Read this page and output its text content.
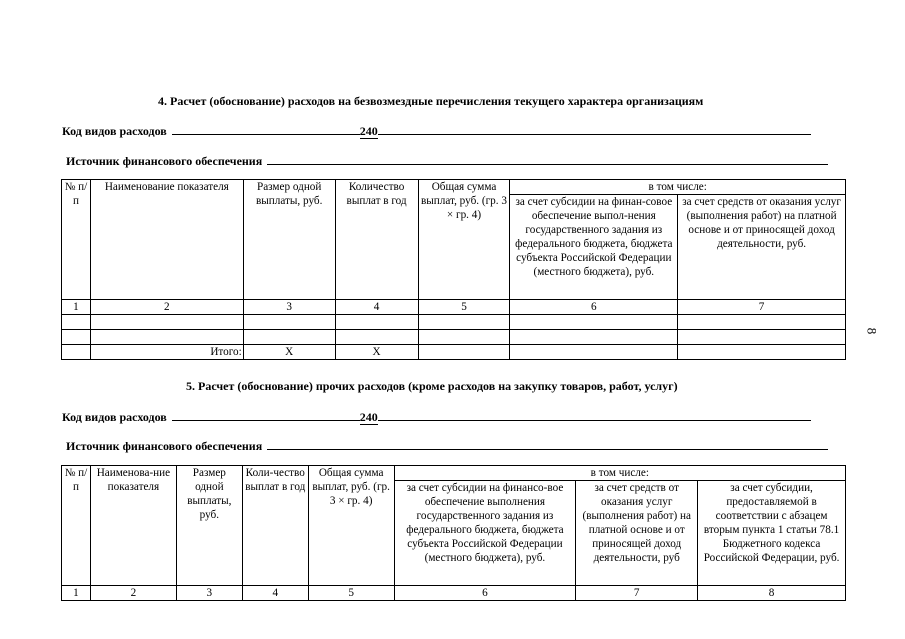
4. Расчет (обоснование) расходов на безвозмездные перечисления текущего характера организациям
Код видов расходов	240
Источник финансового обеспечения
№ п/п	Наименование показателя	Размер одной выплаты, руб.	Количество выплат в год	Общая сумма выплат, руб. (гр. 3 × гр. 4)	в том числе:	
					за счет субсидии на финан-совое обеспечение выпол-нения государственного задания из федерального бюджета, бюджета субъекта Российской Федерации (местного бюджета), руб.	за счет средств от оказания услуг (выполнения работ) на платной основе и от приносящей доход деятельности, руб.
1	2	3	4	5	6	7

	Итого:	Х	Х			
5. Расчет (обоснование) прочих расходов (кроме расходов на закупку товаров, работ, услуг)
Код видов расходов	240
Источник финансового обеспечения
№ п/п	Наименова-ние показателя	Размер одной выплаты, руб.	Коли-чество выплат в год	Общая сумма выплат, руб. (гр. 3 × гр. 4)	в том числе:		
					за счет субсидии на финансо-вое обеспечение выполнения государственного задания из федерального бюджета, бюджета субъекта Российской Федерации (местного бюджета), руб.	за счет средств от оказания услуг (выполнения работ) на платной основе и от приносящей доход деятельности, руб	за счет субсидии, предоставляемой в соответствии с абзацем вторым пункта 1 статьи 78.1 Бюджетного кодекса Российской Федерации, руб.
1	2	3	4	5	6	7	8
8
